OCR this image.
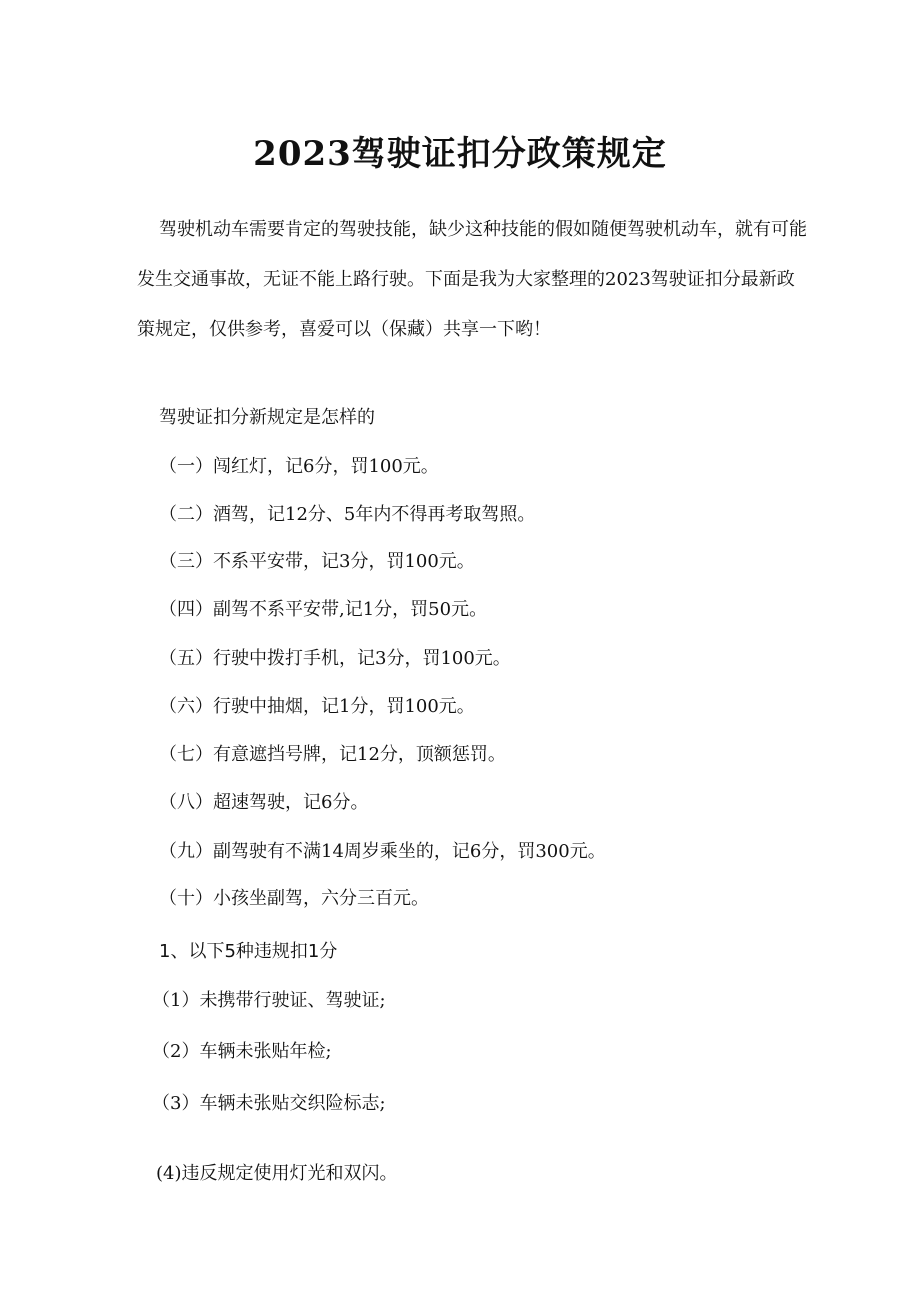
2023驾驶证扣分政策规定

驾驶机动车需要肯定的驾驶技能，缺少这种技能的假如随便驾驶机动车，就有可能发生交通事故，无证不能上路行驶。下面是我为大家整理的2023驾驶证扣分最新政策规定，仅供参考，喜爱可以（保藏）共享一下哟！

驾驶证扣分新规定是怎样的
（一）闯红灯，记6分，罚100元。
（二）酒驾，记12分、5年内不得再考取驾照。
（三）不系平安带，记3分，罚100元。
（四）副驾不系平安带,记1分，罚50元。
（五）行驶中拨打手机，记3分，罚100元。
（六）行驶中抽烟，记1分，罚100元。
（七）有意遮挡号牌，记12分，顶额惩罚。
（八）超速驾驶，记6分。
（九）副驾驶有不满14周岁乘坐的，记6分，罚300元。
（十）小孩坐副驾，六分三百元。
1、以下5种违规扣1分
（1）未携带行驶证、驾驶证;
（2）车辆未张贴年检;
（3）车辆未张贴交织险标志;
(4)违反规定使用灯光和双闪。
